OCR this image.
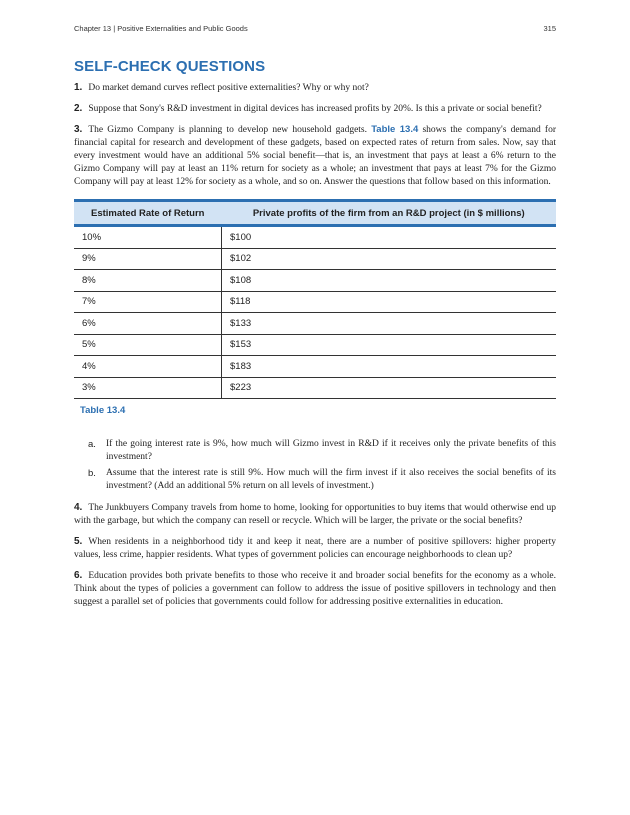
Chapter 13 | Positive Externalities and Public Goods	315
SELF-CHECK QUESTIONS

1. Do market demand curves reflect positive externalities? Why or why not?

2. Suppose that Sony's R&D investment in digital devices has increased profits by 20%. Is this a private or social benefit?

3. The Gizmo Company is planning to develop new household gadgets. Table 13.4 shows the company's demand for financial capital for research and development of these gadgets, based on expected rates of return from sales. Now, say that every investment would have an additional 5% social benefit—that is, an investment that pays at least a 6% return to the Gizmo Company will pay at least an 11% return for society as a whole; an investment that pays at least 7% for the Gizmo Company will pay at least 12% for society as a whole, and so on. Answer the questions that follow based on this information.

Estimated Rate of Return	Private profits of the firm from an R&D project (in $ millions)
10%	$100
9%	$102
8%	$108
7%	$118
6%	$133
5%	$153
4%	$183
3%	$223
Table 13.4
a. If the going interest rate is 9%, how much will Gizmo invest in R&D if it receives only the private benefits of this investment?
b. Assume that the interest rate is still 9%. How much will the firm invest if it also receives the social benefits of its investment? (Add an additional 5% return on all levels of investment.)

4. The Junkbuyers Company travels from home to home, looking for opportunities to buy items that would otherwise end up with the garbage, but which the company can resell or recycle. Which will be larger, the private or the social benefits?

5. When residents in a neighborhood tidy it and keep it neat, there are a number of positive spillovers: higher property values, less crime, happier residents. What types of government policies can encourage neighborhoods to clean up?

6. Education provides both private benefits to those who receive it and broader social benefits for the economy as a whole. Think about the types of policies a government can follow to address the issue of positive spillovers in technology and then suggest a parallel set of policies that governments could follow for addressing positive externalities in education.
